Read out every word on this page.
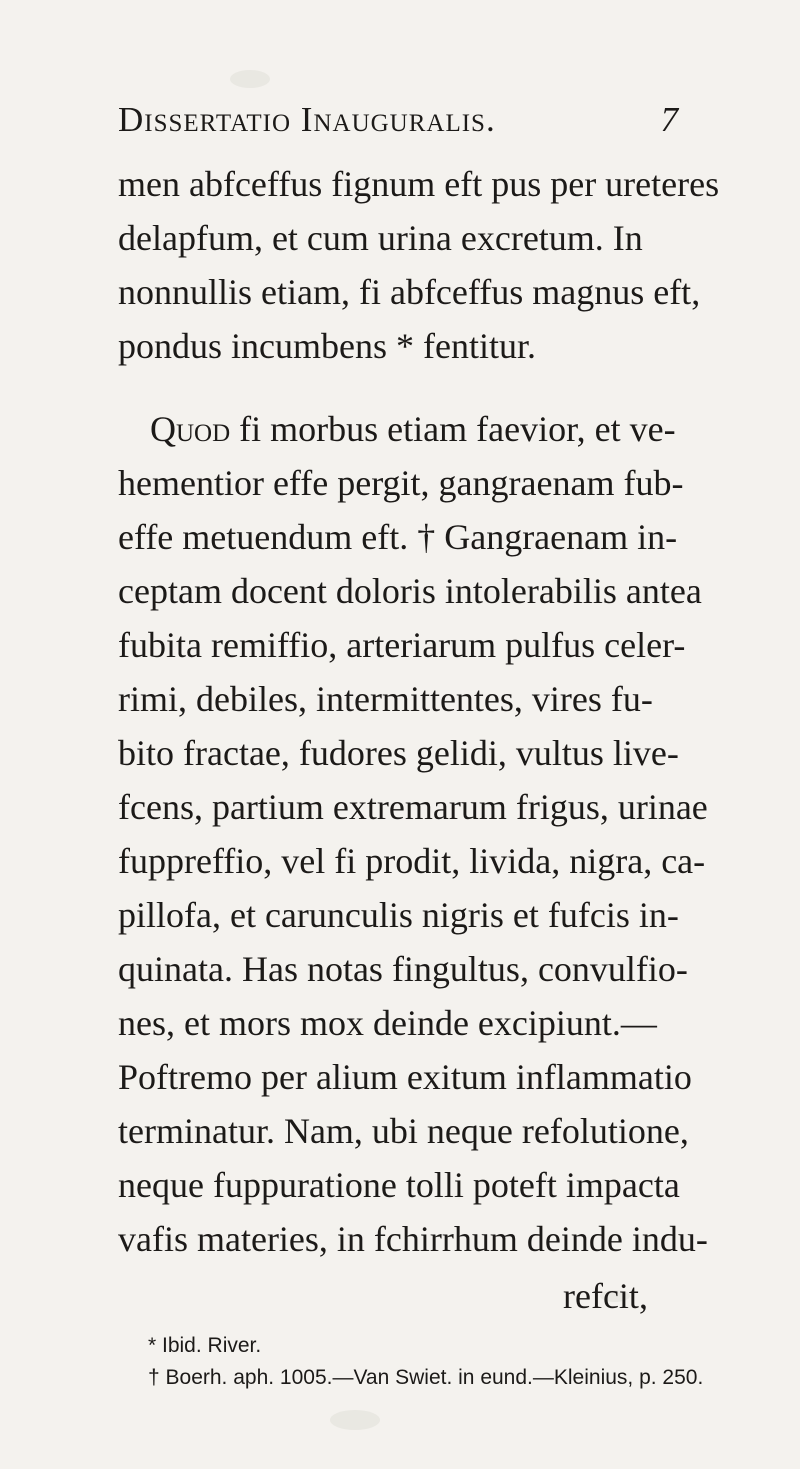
Dissertatio Inauguralis.	7
men abfceffus fignum eft pus per ureteres
delapfum, et cum urina excretum. In
nonnullis etiam, fi abfceffus magnus eft,
pondus incumbens * fentitur.
Quod fi morbus etiam faevior, et ve-
hementior effe pergit, gangraenam fub-
effe metuendum eft. † Gangraenam in-
ceptam docent doloris intolerabilis antea
fubita remiffio, arteriarum pulfus celer-
rimi, debiles, intermittentes, vires fu-
bito fractae, fudores gelidi, vultus live-
fcens, partium extremarum frigus, urinae
fuppreffio, vel fi prodit, livida, nigra, ca-
pillofa, et carunculis nigris et fufcis in-
quinata. Has notas fingultus, convulfio-
nes, et mors mox deinde excipiunt.—
Poftremo per alium exitum inflammatio
terminatur. Nam, ubi neque refolutione,
neque fuppuratione tolli poteft impacta
vafis materies, in fchirrhum deinde indu-
refcit,
* Ibid. River.
† Boerh. aph. 1005.—Van Swiet. in eund.—Kleinius, p. 250.
